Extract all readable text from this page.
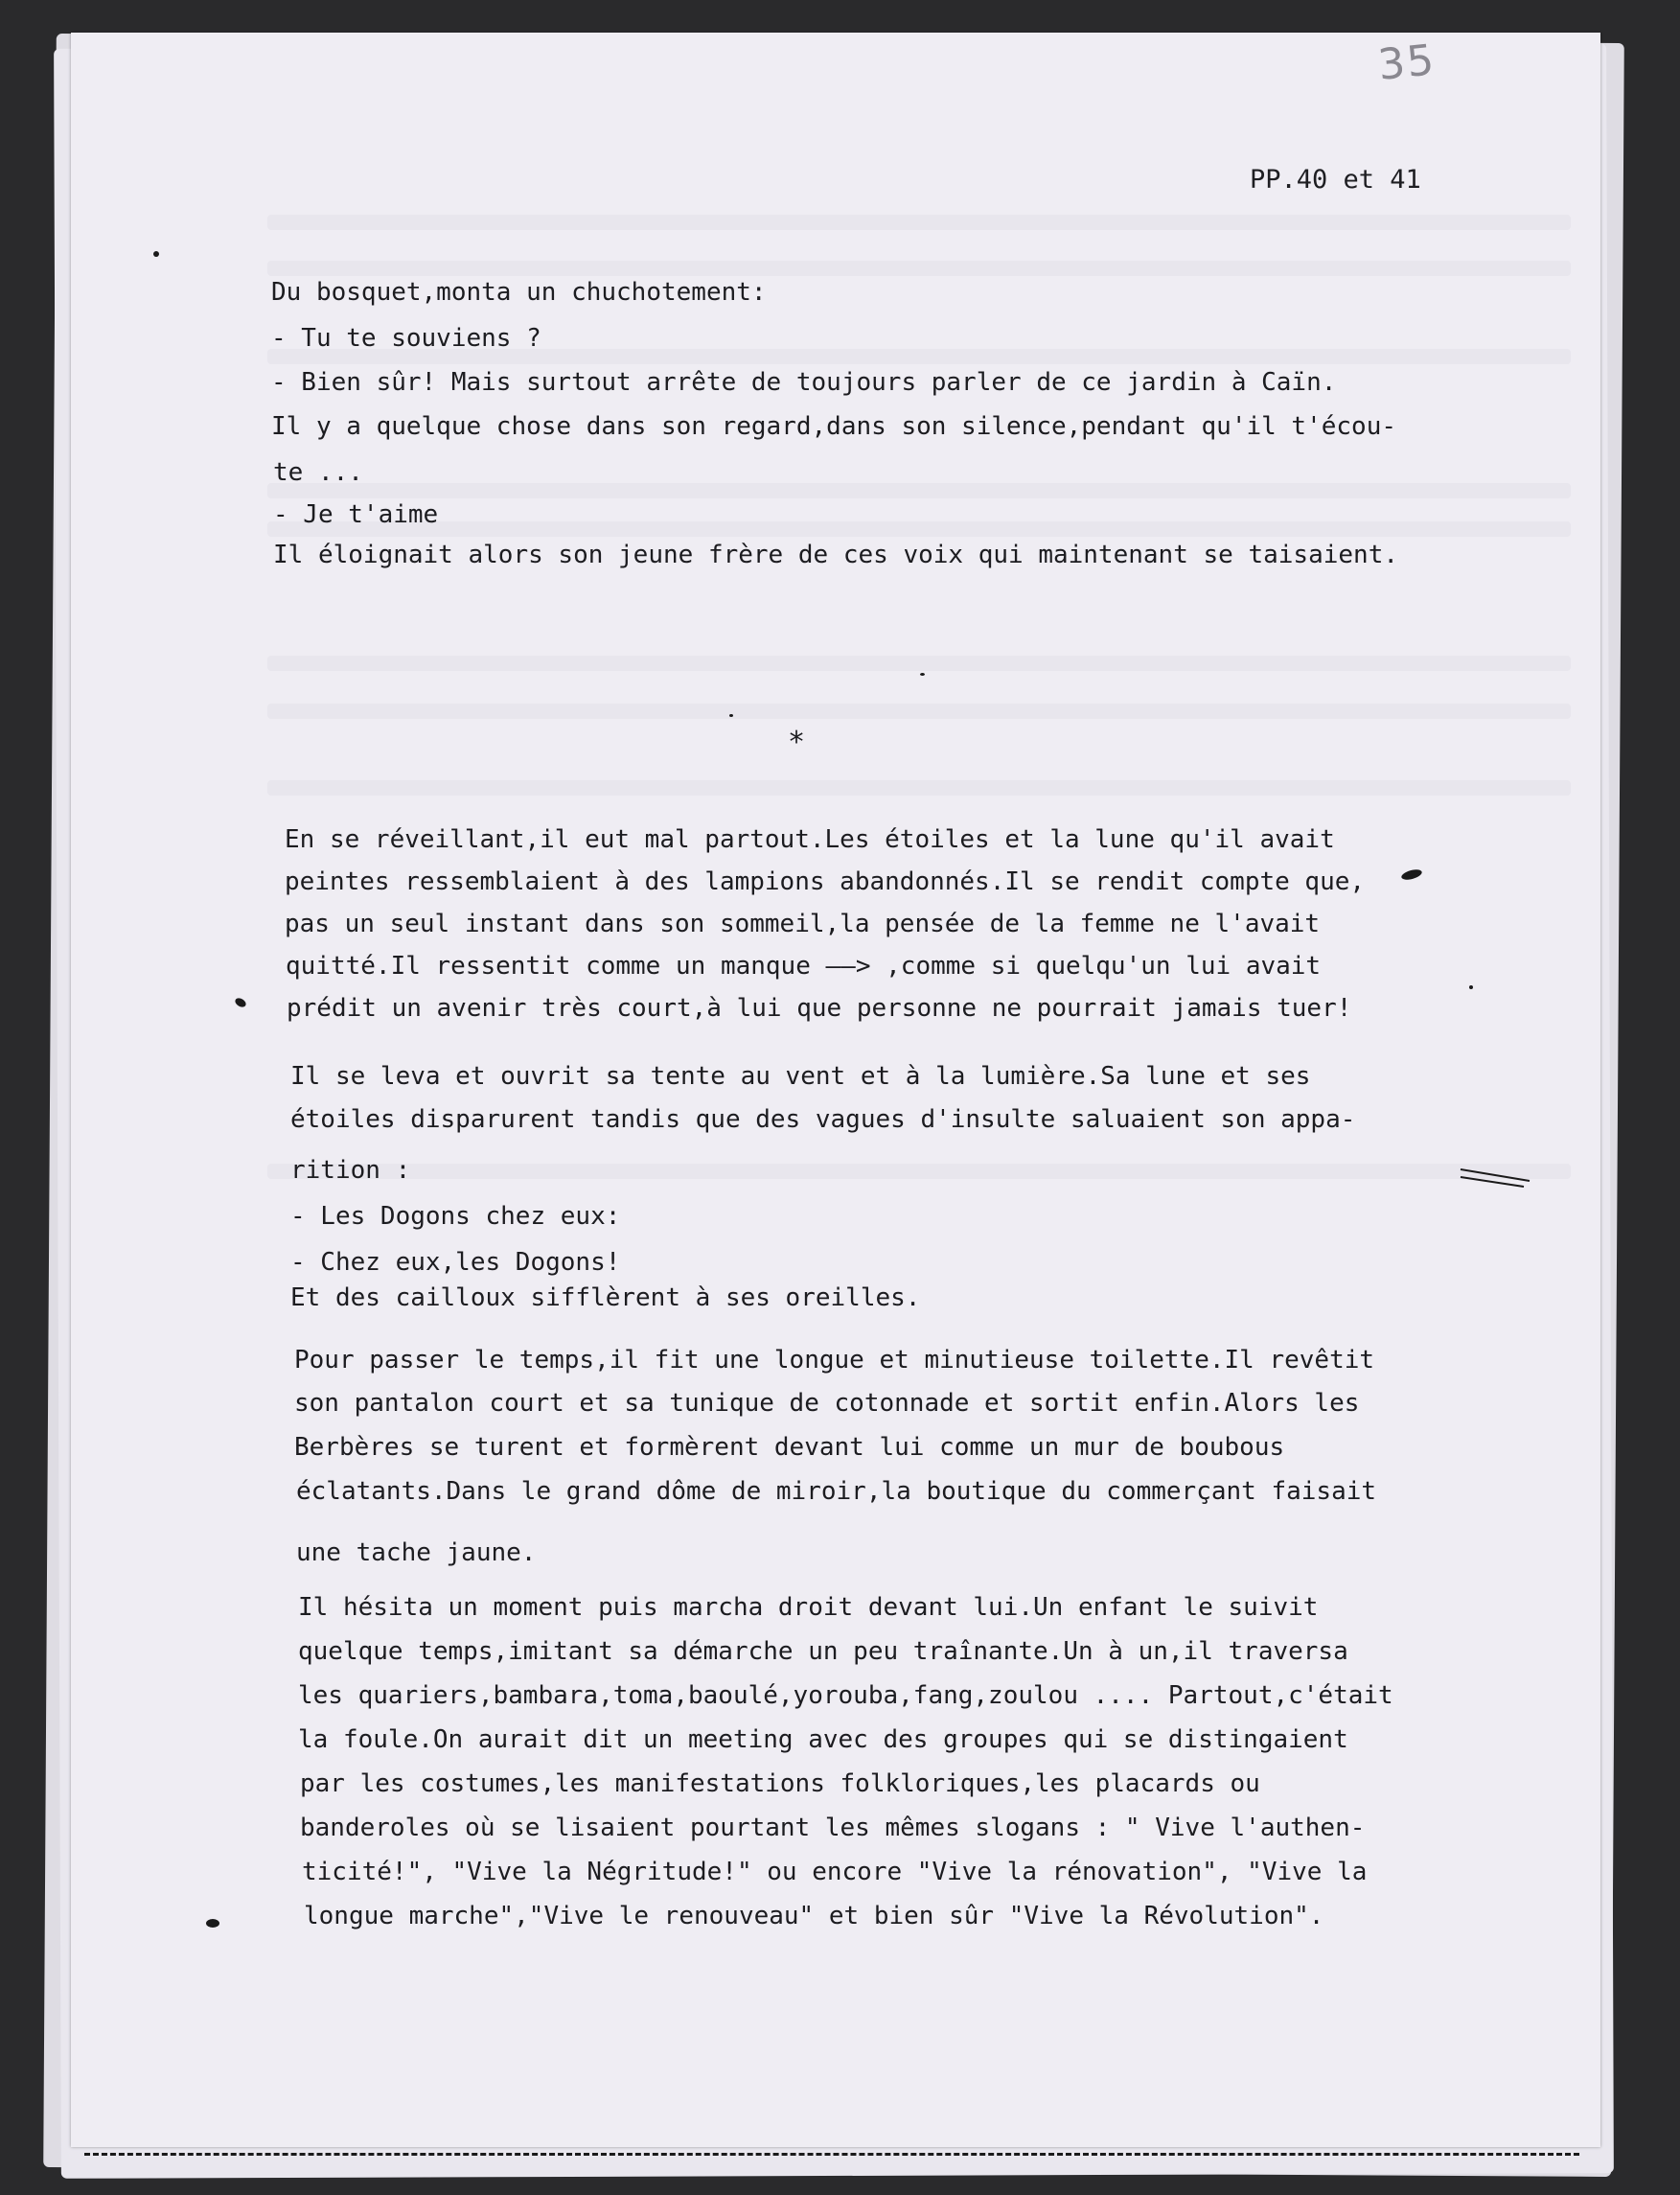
35
PP.40 et 41
Du bosquet,monta un chuchotement:
- Tu te souviens ?
- Bien sûr! Mais surtout arrête de toujours parler de ce jardin à Caïn.
Il y a quelque chose dans son regard,dans son silence,pendant qu'il t'écou-
te ...
- Je t'aime
Il éloignait alors son jeune frère de ces voix qui maintenant se taisaient.
*
En se réveillant,il eut mal partout.Les étoiles et la lune qu'il avait
peintes ressemblaient à des lampions abandonnés.Il se rendit compte que,
pas un seul instant dans son sommeil,la pensée de la femme ne l'avait
quitté.Il ressentit comme un manque ——> ,comme si quelqu'un lui avait
prédit un avenir très court,à lui que personne ne pourrait jamais tuer!
Il se leva et ouvrit sa tente au vent et à la lumière.Sa lune et ses
étoiles disparurent tandis que des vagues d'insulte saluaient son appa-
rition :
- Les Dogons chez eux:
- Chez eux,les Dogons!
Et des cailloux sifflèrent à ses oreilles.
Pour passer le temps,il fit une longue et minutieuse toilette.Il revêtit
son pantalon court et sa tunique de cotonnade et sortit enfin.Alors les
Berbères se turent et formèrent devant lui comme un mur de boubous
éclatants.Dans le grand dôme de miroir,la boutique du commerçant faisait
une tache jaune.
Il hésita un moment puis marcha droit devant lui.Un enfant le suivit
quelque temps,imitant sa démarche un peu traînante.Un à un,il traversa
les quariers,bambara,toma,baoulé,yorouba,fang,zoulou .... Partout,c'était
la foule.On aurait dit un meeting avec des groupes qui se distingaient
par les costumes,les manifestations folkloriques,les placards ou
banderoles où se lisaient pourtant les mêmes slogans : " Vive l'authen-
ticité!", "Vive la Négritude!" ou encore "Vive la rénovation", "Vive la
longue marche","Vive le renouveau" et bien sûr "Vive la Révolution".
